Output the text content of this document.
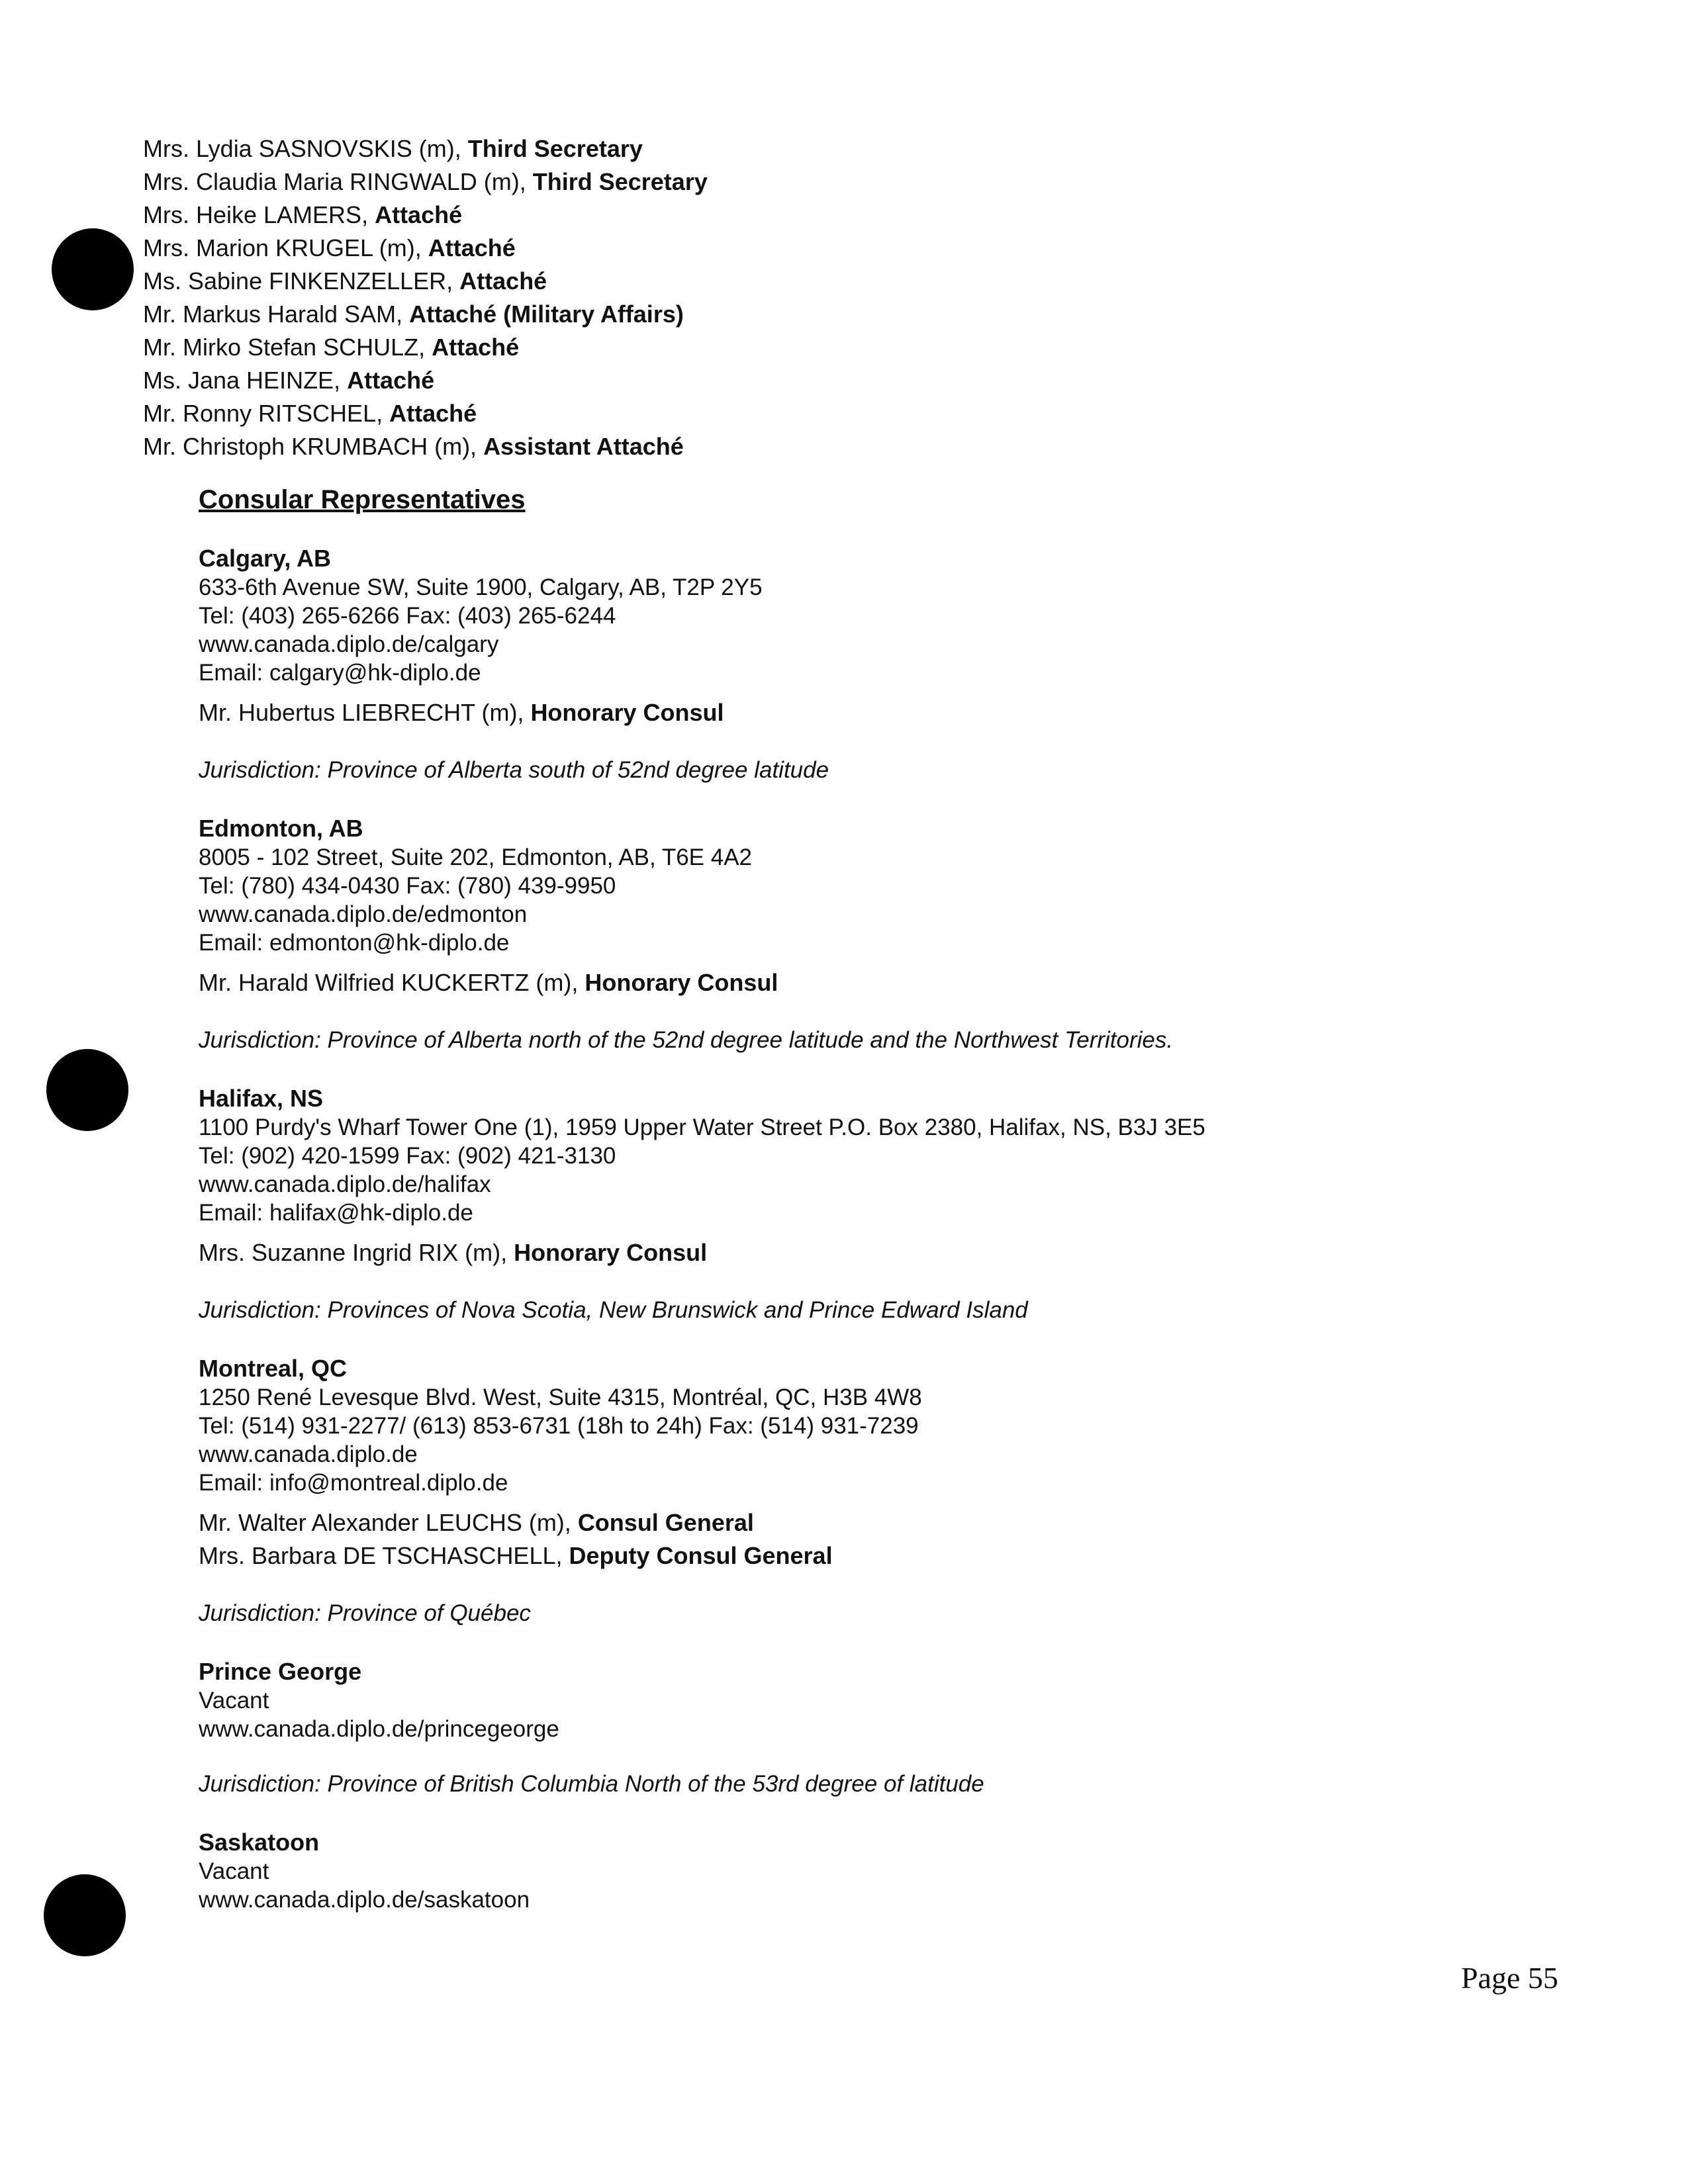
Mrs. Lydia SASNOVSKIS (m), Third Secretary
Mrs. Claudia Maria RINGWALD (m), Third Secretary
Mrs. Heike LAMERS, Attaché
Mrs. Marion KRUGEL (m), Attaché
Ms. Sabine FINKENZELLER, Attaché
Mr. Markus Harald SAM, Attaché (Military Affairs)
Mr. Mirko Stefan SCHULZ, Attaché
Ms. Jana HEINZE, Attaché
Mr. Ronny RITSCHEL, Attaché
Mr. Christoph KRUMBACH (m), Assistant Attaché
Consular Representatives
Calgary, AB
633-6th Avenue SW, Suite 1900, Calgary, AB, T2P 2Y5
Tel: (403) 265-6266 Fax: (403) 265-6244
www.canada.diplo.de/calgary
Email: calgary@hk-diplo.de
Mr. Hubertus LIEBRECHT (m), Honorary Consul
Jurisdiction: Province of Alberta south of 52nd degree latitude
Edmonton, AB
8005 - 102 Street, Suite 202, Edmonton, AB, T6E 4A2
Tel: (780) 434-0430 Fax: (780) 439-9950
www.canada.diplo.de/edmonton
Email: edmonton@hk-diplo.de
Mr. Harald Wilfried KUCKERTZ (m), Honorary Consul
Jurisdiction: Province of Alberta north of the 52nd degree latitude and the Northwest Territories.
Halifax, NS
1100 Purdy's Wharf Tower One (1), 1959 Upper Water Street P.O. Box 2380, Halifax, NS, B3J 3E5
Tel: (902) 420-1599 Fax: (902) 421-3130
www.canada.diplo.de/halifax
Email: halifax@hk-diplo.de
Mrs. Suzanne Ingrid RIX (m), Honorary Consul
Jurisdiction: Provinces of Nova Scotia, New Brunswick and Prince Edward Island
Montreal, QC
1250 René Levesque Blvd. West, Suite 4315, Montréal, QC, H3B 4W8
Tel: (514) 931-2277/ (613) 853-6731 (18h to 24h) Fax: (514) 931-7239
www.canada.diplo.de
Email: info@montreal.diplo.de
Mr. Walter Alexander LEUCHS (m), Consul General
Mrs. Barbara DE TSCHASCHELL, Deputy Consul General
Jurisdiction: Province of Québec
Prince George
Vacant
www.canada.diplo.de/princegeorge
Jurisdiction: Province of British Columbia North of the 53rd degree of latitude
Saskatoon
Vacant
www.canada.diplo.de/saskatoon
Page 55
